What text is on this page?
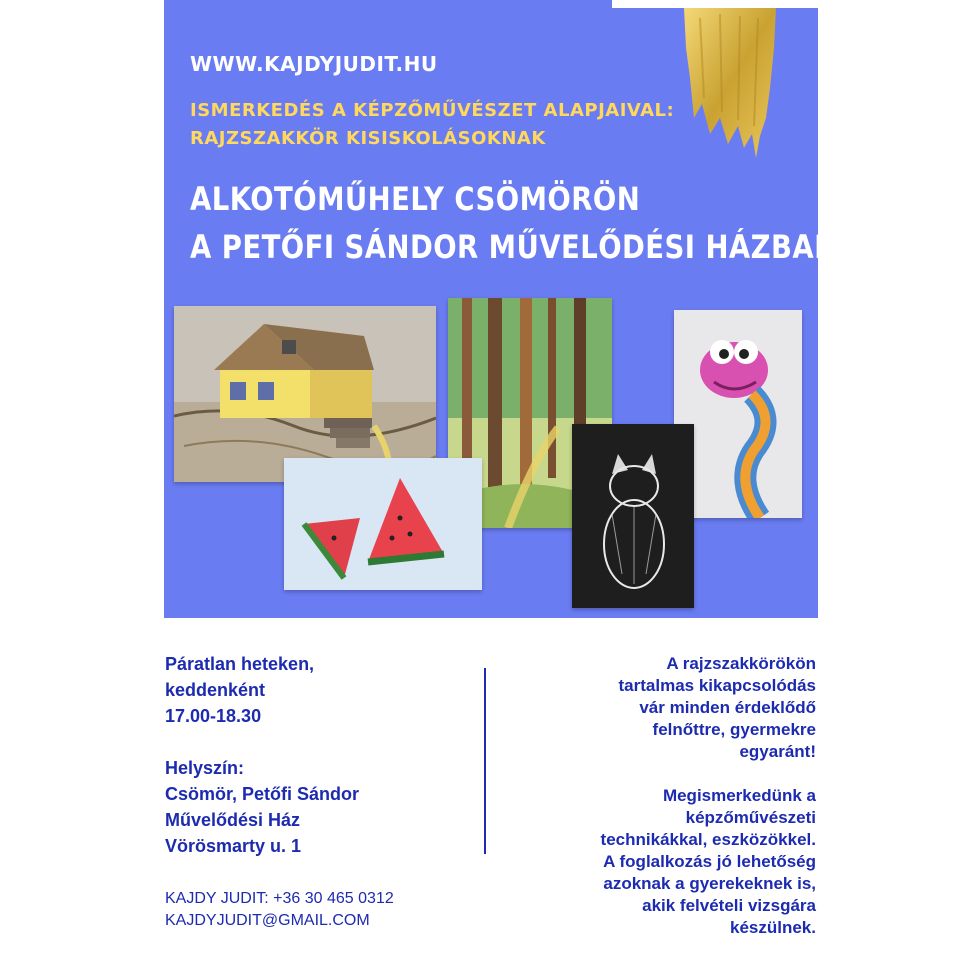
WWW.KAJDYJUDIT.HU
ISMERKEDÉS A KÉPZŐMŰVÉSZET ALAPJAIVAL:
RAJZSZAKKÖR KISISKOLÁSOKNAK
ALKOTÓMŰHELY CSÖMÖRÖN
A PETŐFI SÁNDOR MŰVELŐDÉSI HÁZBAN
Páratlan heteken,
keddenként
17.00-18.30
Helyszín:
Csömör, Petőfi Sándor
Művelődési Ház
Vörösmarty u. 1
KAJDY JUDIT: +36 30 465 0312
KAJDYJUDIT@GMAIL.COM

A rajzszakkörökön
tartalmas kikapcsolódás
vár minden érdeklődő
felnőttre, gyermekre
egyaránt!

Megismerkedünk a
képzőművészeti
technikákkal, eszközökkel.
A foglalkozás jó lehetőség
azoknak a gyerekeknek is,
akik felvételi vizsgára
készülnek.
